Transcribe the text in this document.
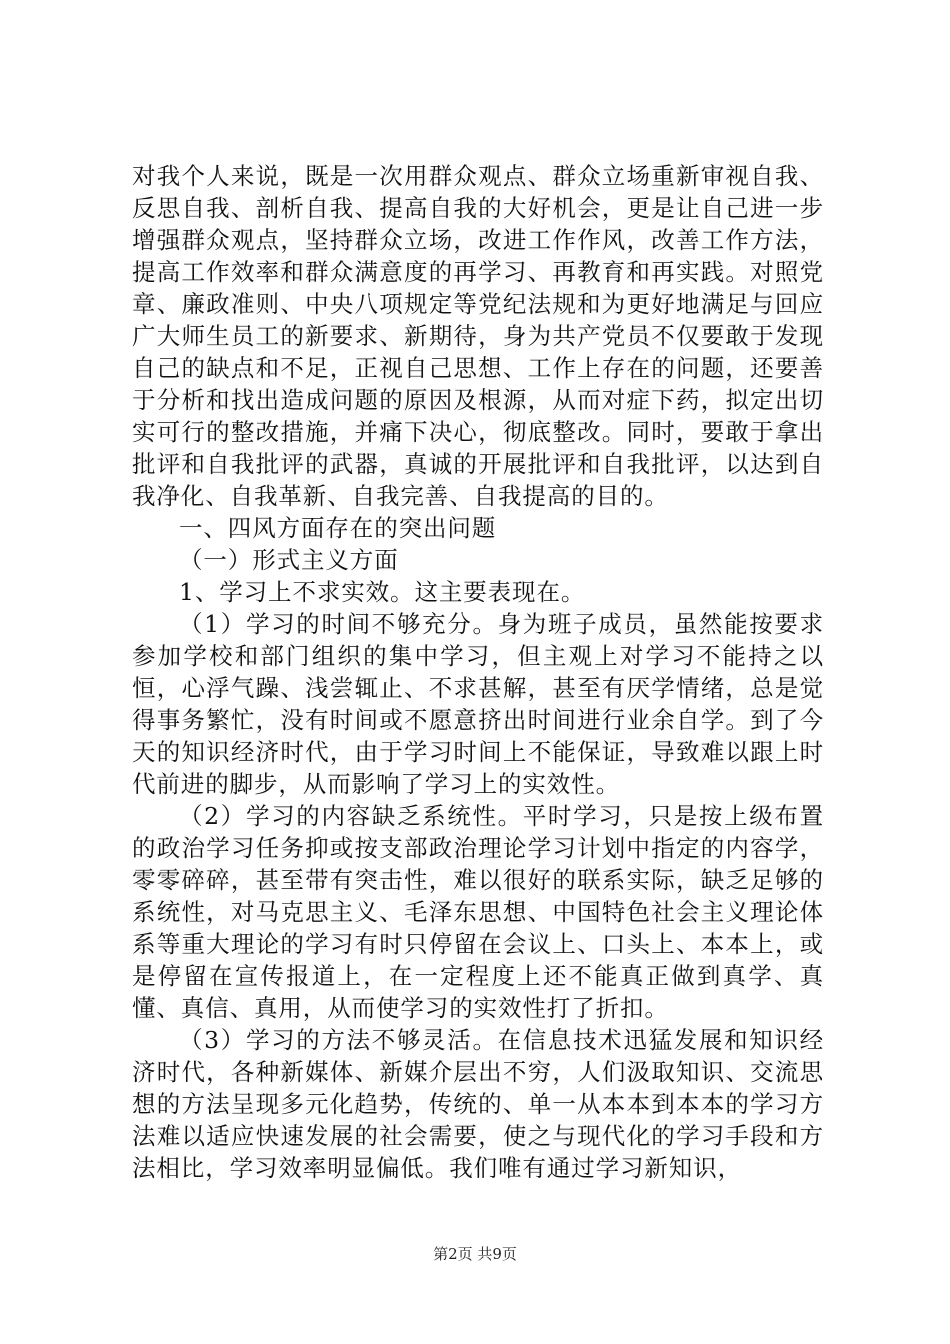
对我个人来说，既是一次用群众观点、群众立场重新审视自我、反思自我、剖析自我、提高自我的大好机会，更是让自己进一步增强群众观点，坚持群众立场，改进工作作风，改善工作方法，提高工作效率和群众满意度的再学习、再教育和再实践。对照党章、廉政准则、中央八项规定等党纪法规和为更好地满足与回应广大师生员工的新要求、新期待，身为共产党员不仅要敢于发现自己的缺点和不足，正视自己思想、工作上存在的问题，还要善于分析和找出造成问题的原因及根源，从而对症下药，拟定出切实可行的整改措施，并痛下决心，彻底整改。同时，要敢于拿出批评和自我批评的武器，真诚的开展批评和自我批评，以达到自我净化、自我革新、自我完善、自我提高的目的。

一、四风方面存在的突出问题

（一）形式主义方面

1、学习上不求实效。这主要表现在。

（1）学习的时间不够充分。身为班子成员，虽然能按要求参加学校和部门组织的集中学习，但主观上对学习不能持之以恒，心浮气躁、浅尝辄止、不求甚解，甚至有厌学情绪，总是觉得事务繁忙，没有时间或不愿意挤出时间进行业余自学。到了今天的知识经济时代，由于学习时间上不能保证，导致难以跟上时代前进的脚步，从而影响了学习上的实效性。

（2）学习的内容缺乏系统性。平时学习，只是按上级布置的政治学习任务抑或按支部政治理论学习计划中指定的内容学，零零碎碎，甚至带有突击性，难以很好的联系实际，缺乏足够的系统性，对马克思主义、毛泽东思想、中国特色社会主义理论体系等重大理论的学习有时只停留在会议上、口头上、本本上，或是停留在宣传报道上，在一定程度上还不能真正做到真学、真懂、真信、真用，从而使学习的实效性打了折扣。

（3）学习的方法不够灵活。在信息技术迅猛发展和知识经济时代，各种新媒体、新媒介层出不穷，人们汲取知识、交流思想的方法呈现多元化趋势，传统的、单一从本本到本本的学习方法难以适应快速发展的社会需要，使之与现代化的学习手段和方法相比，学习效率明显偏低。我们唯有通过学习新知识，

第2页 共9页
